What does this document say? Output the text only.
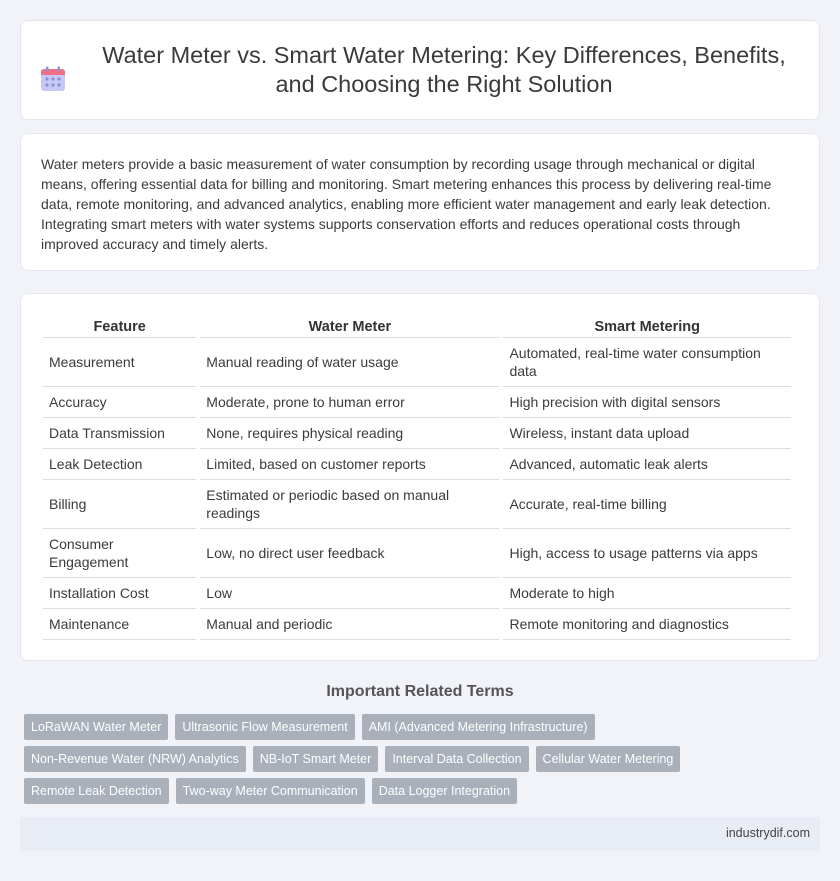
Water Meter vs. Smart Water Metering: Key Differences, Benefits, and Choosing the Right Solution

Water meters provide a basic measurement of water consumption by recording usage through mechanical or digital means, offering essential data for billing and monitoring. Smart metering enhances this process by delivering real-time data, remote monitoring, and advanced analytics, enabling more efficient water management and early leak detection. Integrating smart meters with water systems supports conservation efforts and reduces operational costs through improved accuracy and timely alerts.

Feature	Water Meter	Smart Metering
Measurement	Manual reading of water usage	Automated, real-time water consumption data
Accuracy	Moderate, prone to human error	High precision with digital sensors
Data Transmission	None, requires physical reading	Wireless, instant data upload
Leak Detection	Limited, based on customer reports	Advanced, automatic leak alerts
Billing	Estimated or periodic based on manual readings	Accurate, real-time billing
Consumer Engagement	Low, no direct user feedback	High, access to usage patterns via apps
Installation Cost	Low	Moderate to high
Maintenance	Manual and periodic	Remote monitoring and diagnostics
Important Related Terms
LoRaWAN Water Meter	Ultrasonic Flow Measurement	AMI (Advanced Metering Infrastructure)
Non-Revenue Water (NRW) Analytics	NB-IoT Smart Meter	Interval Data Collection	Cellular Water Metering
Remote Leak Detection	Two-way Meter Communication	Data Logger Integration
industrydif.com
